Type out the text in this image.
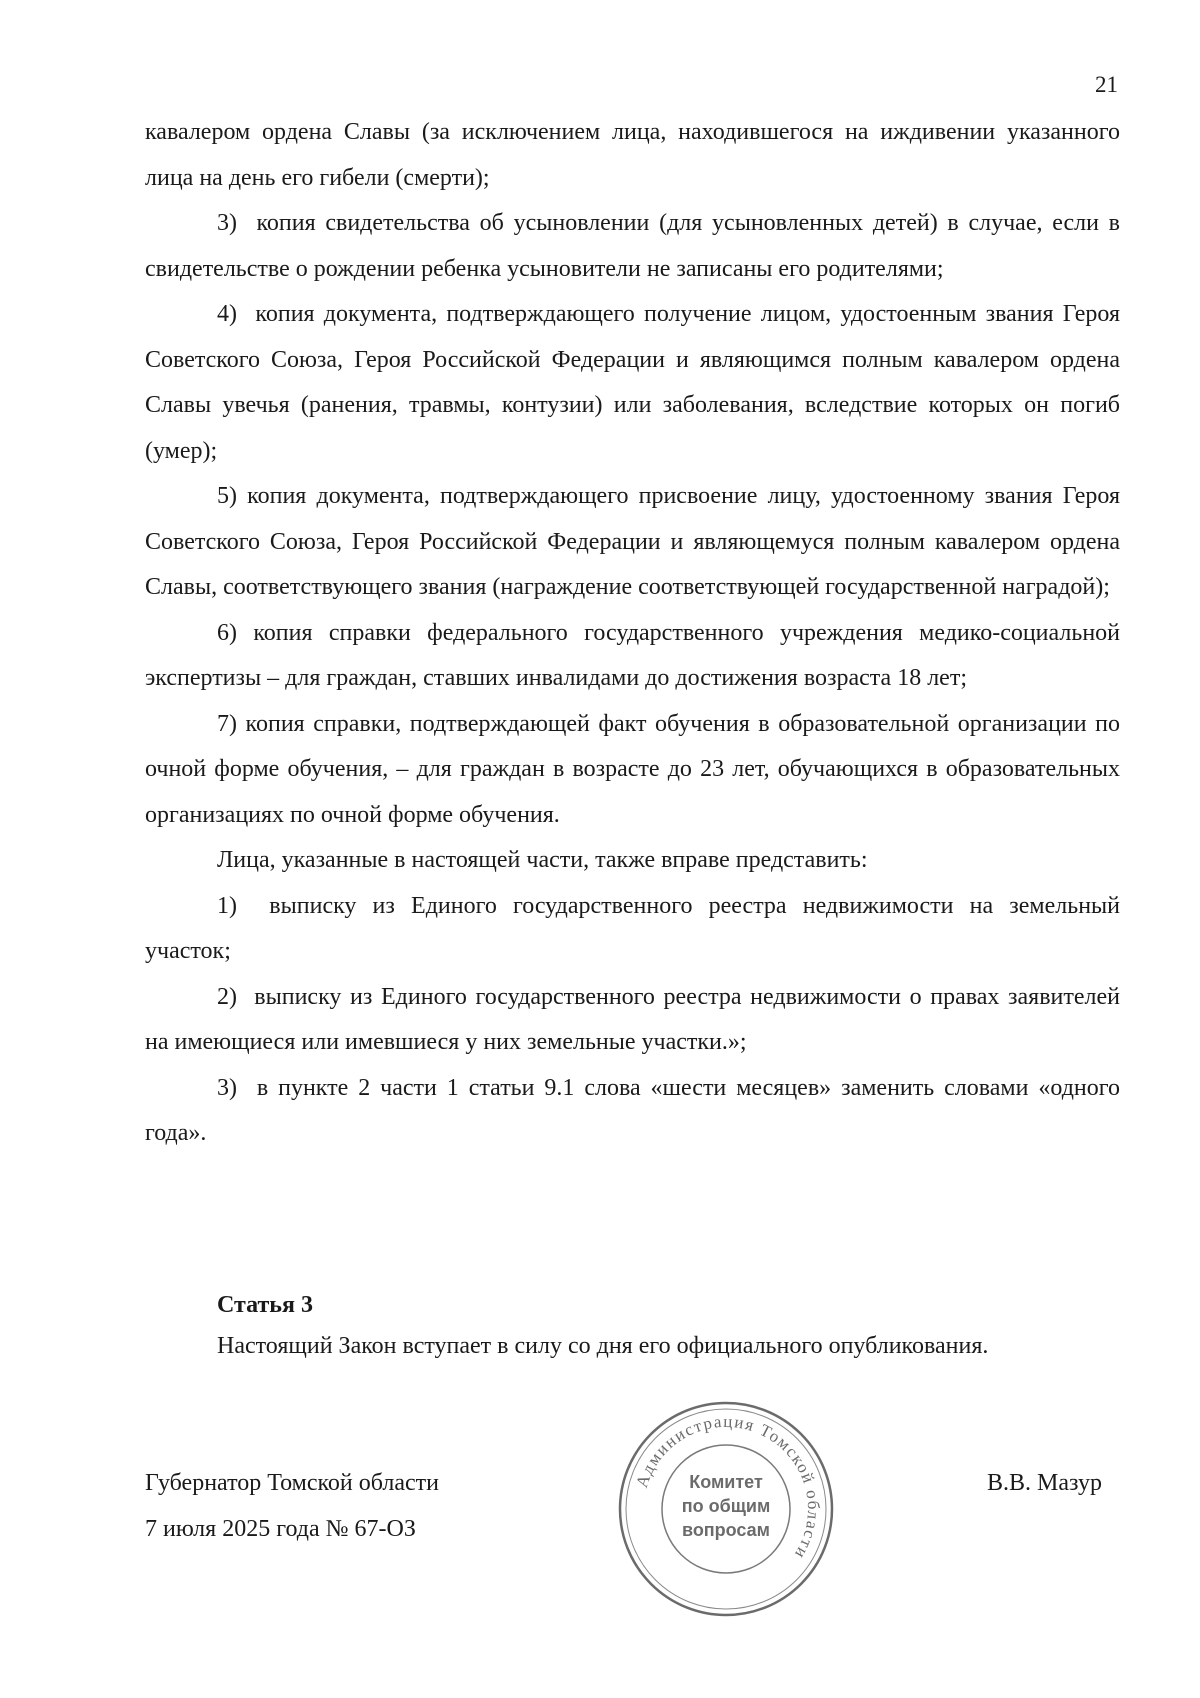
21

кавалером ордена Славы (за исключением лица, находившегося на иждивении указанного лица на день его гибели (смерти);

3)  копия свидетельства об усыновлении (для усыновленных детей) в случае, если в свидетельстве о рождении ребенка усыновители не записаны его родителями;

4)  копия документа, подтверждающего получение лицом, удостоенным звания Героя Советского Союза, Героя Российской Федерации и являющимся полным кавалером ордена Славы увечья (ранения, травмы, контузии) или заболевания, вследствие которых он погиб (умер);

5) копия документа, подтверждающего присвоение лицу, удостоенному звания Героя Советского Союза, Героя Российской Федерации и являющемуся полным кавалером ордена Славы, соответствующего звания (награждение соответствующей государственной наградой);

6) копия справки федерального государственного учреждения медико-социальной экспертизы – для граждан, ставших инвалидами до достижения возраста 18 лет;

7) копия справки, подтверждающей факт обучения в образовательной организации по очной форме обучения, – для граждан в возрасте до 23 лет, обучающихся в образовательных организациях по очной форме обучения.

Лица, указанные в настоящей части, также вправе представить:

1)  выписку из Единого государственного реестра недвижимости на земельный участок;

2)  выписку из Единого государственного реестра недвижимости о правах заявителей на имеющиеся или имевшиеся у них земельные участки.»;

3)  в пункте 2 части 1 статьи 9.1 слова «шести месяцев» заменить словами «одного года».

Статья 3
Настоящий Закон вступает в силу со дня его официального опубликования.
Губернатор Томской области
7 июля 2025 года № 67-ОЗ
В.В. Мазур
Администрация Томской области
Комитет
по общим
вопросам
